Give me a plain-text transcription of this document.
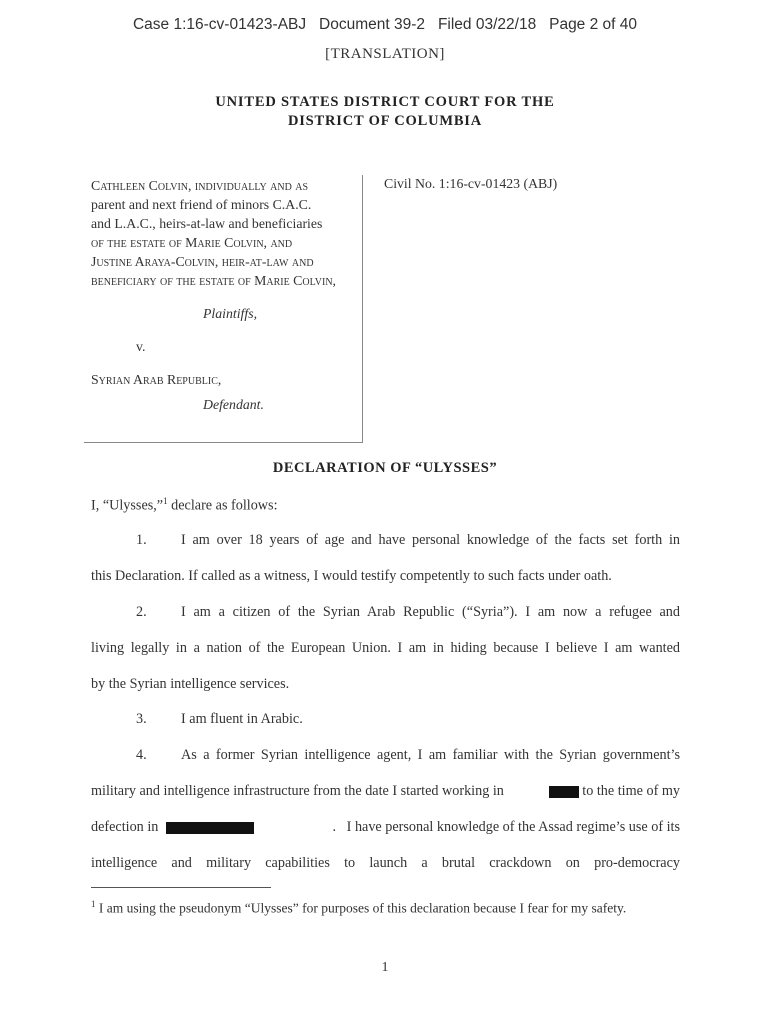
Case 1:16-cv-01423-ABJ   Document 39-2   Filed 03/22/18   Page 2 of 40
[TRANSLATION]
UNITED STATES DISTRICT COURT FOR THE
DISTRICT OF COLUMBIA
Cathleen Colvin, individually and as
parent and next friend of minors C.A.C.
and L.A.C., heirs-at-law and beneficiaries
of the estate of Marie Colvin, and
Justine Araya-Colvin, heir-at-law and
beneficiary of the estate of Marie Colvin,
Plaintiffs,
v.
Syrian Arab Republic,
Defendant.
Civil No. 1:16-cv-01423 (ABJ)
DECLARATION OF “ULYSSES”
I, “Ulysses,”$^1$ declare as follows:
1. I am over 18 years of age and have personal knowledge of the facts set forth in
this Declaration. If called as a witness, I would testify competently to such facts under oath.
2. I am a citizen of the Syrian Arab Republic (“Syria”). I am now a refugee and
living legally in a nation of the European Union. I am in hiding because I believe I am wanted
by the Syrian intelligence services.
3. I am fluent in Arabic.
4. As a former Syrian intelligence agent, I am familiar with the Syrian government’s
military and intelligence infrastructure from the date I started working in	to the time of my
defection in	.   I have personal knowledge of the Assad regime’s use of its
intelligence and military capabilities to launch a brutal crackdown on pro-democracy
$^1$ I am using the pseudonym “Ulysses” for purposes of this declaration because I fear for my safety.
1
